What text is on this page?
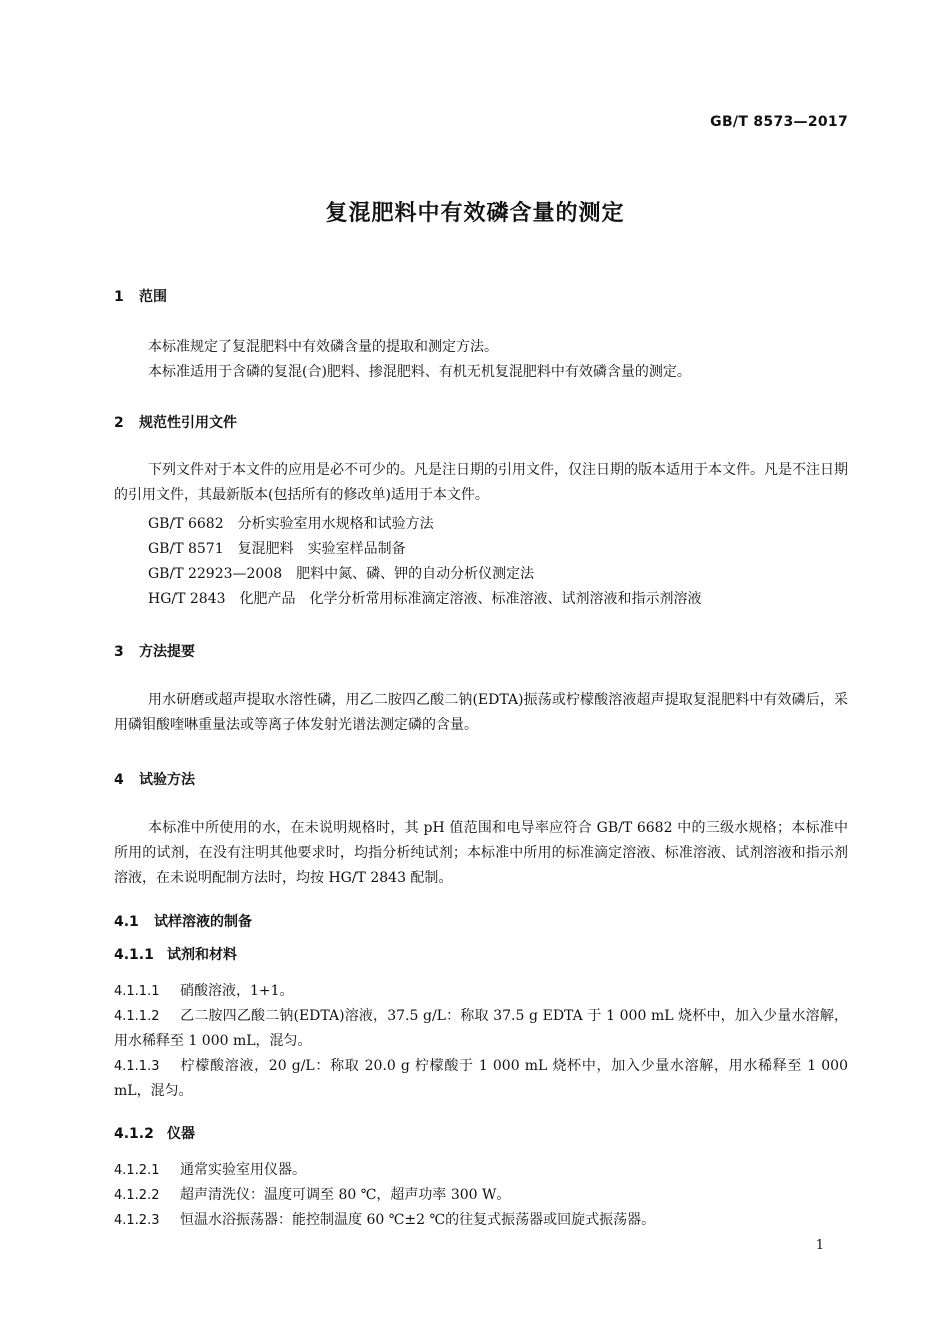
GB/T 8573—2017
复混肥料中有效磷含量的测定
1 范围
本标准规定了复混肥料中有效磷含量的提取和测定方法。
本标准适用于含磷的复混(合)肥料、掺混肥料、有机无机复混肥料中有效磷含量的测定。
2 规范性引用文件
下列文件对于本文件的应用是必不可少的。凡是注日期的引用文件，仅注日期的版本适用于本文件。凡是不注日期的引用文件，其最新版本(包括所有的修改单)适用于本文件。
GB/T 6682 分析实验室用水规格和试验方法
GB/T 8571 复混肥料　实验室样品制备
GB/T 22923—2008 肥料中氮、磷、钾的自动分析仪测定法
HG/T 2843 化肥产品　化学分析常用标准滴定溶液、标准溶液、试剂溶液和指示剂溶液
3 方法提要
用水研磨或超声提取水溶性磷，用乙二胺四乙酸二钠(EDTA)振荡或柠檬酸溶液超声提取复混肥料中有效磷后，采用磷钼酸喹啉重量法或等离子体发射光谱法测定磷的含量。
4 试验方法
本标准中所使用的水，在未说明规格时，其 pH 值范围和电导率应符合 GB/T 6682 中的三级水规格；本标准中所用的试剂，在没有注明其他要求时，均指分析纯试剂；本标准中所用的标准滴定溶液、标准溶液、试剂溶液和指示剂溶液，在未说明配制方法时，均按 HG/T 2843 配制。
4.1 试样溶液的制备
4.1.1 试剂和材料
4.1.1.1 硝酸溶液，1+1。
4.1.1.2 乙二胺四乙酸二钠(EDTA)溶液，37.5 g/L：称取 37.5 g EDTA 于 1 000 mL 烧杯中，加入少量水溶解，用水稀释至 1 000 mL，混匀。
4.1.1.3 柠檬酸溶液，20 g/L：称取 20.0 g 柠檬酸于 1 000 mL 烧杯中，加入少量水溶解，用水稀释至 1 000 mL，混匀。
4.1.2 仪器
4.1.2.1 通常实验室用仪器。
4.1.2.2 超声清洗仪：温度可调至 80 ℃，超声功率 300 W。
4.1.2.3 恒温水浴振荡器：能控制温度 60 ℃±2 ℃的往复式振荡器或回旋式振荡器。
1
